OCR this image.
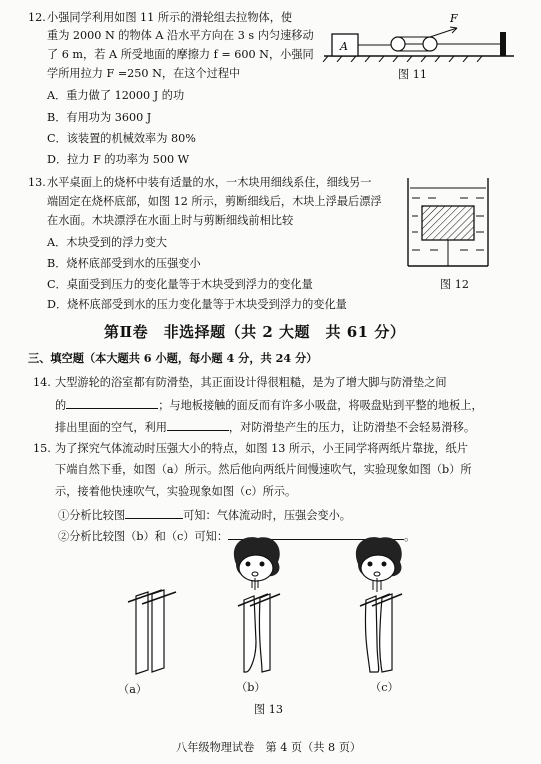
12. 小强同学利用如图 11 所示的滑轮组去拉物体，使
重为 2000 N 的物体 A 沿水平方向在 3 s 内匀速移动
了 6 m，若 A 所受地面的摩擦力 f = 600 N，小强同
学所用拉力 F =250 N，在这个过程中
A．重力做了 12000 J 的功
B．有用功为 3600 J
C．该装置的机械效率为 80%
D．拉力 F 的功率为 500 W
A
F
图 11
13. 水平桌面上的烧杯中装有适量的水，一木块用细线系住，细线另一
端固定在烧杯底部，如图 12 所示，剪断细线后，木块上浮最后漂浮
在水面。木块漂浮在水面上时与剪断细线前相比较
A．木块受到的浮力变大
B．烧杯底部受到水的压强变小
C．桌面受到压力的变化量等于木块受到浮力的变化量
D．烧杯底部受到水的压力变化量等于木块受到浮力的变化量
图 12
第Ⅱ卷　非选择题（共 2 大题　共 61 分）
三、填空题（本大题共 6 小题，每小题 4 分，共 24 分）
14. 大型游轮的浴室都有防滑垫，其正面设计得很粗糙，是为了增大脚与防滑垫之间
的	；与地板接触的面反而有许多小吸盘，将吸盘贴到平整的地板上，
排出里面的空气，利用	，对防滑垫产生的压力，让防滑垫不会轻易滑移。
15. 为了探究气体流动时压强大小的特点，如图 13 所示，小王同学将两纸片靠拢，纸片
下端自然下垂，如图（a）所示。然后他向两纸片间慢速吹气，实验现象如图（b）所
示，接着他快速吹气，实验现象如图（c）所示。
①分析比较图	可知：气体流动时，压强会变小。
②分析比较图（b）和（c）可知：	。
（a）	（b）	（c）
图 13
八年级物理试卷　第 4 页（共 8 页）
